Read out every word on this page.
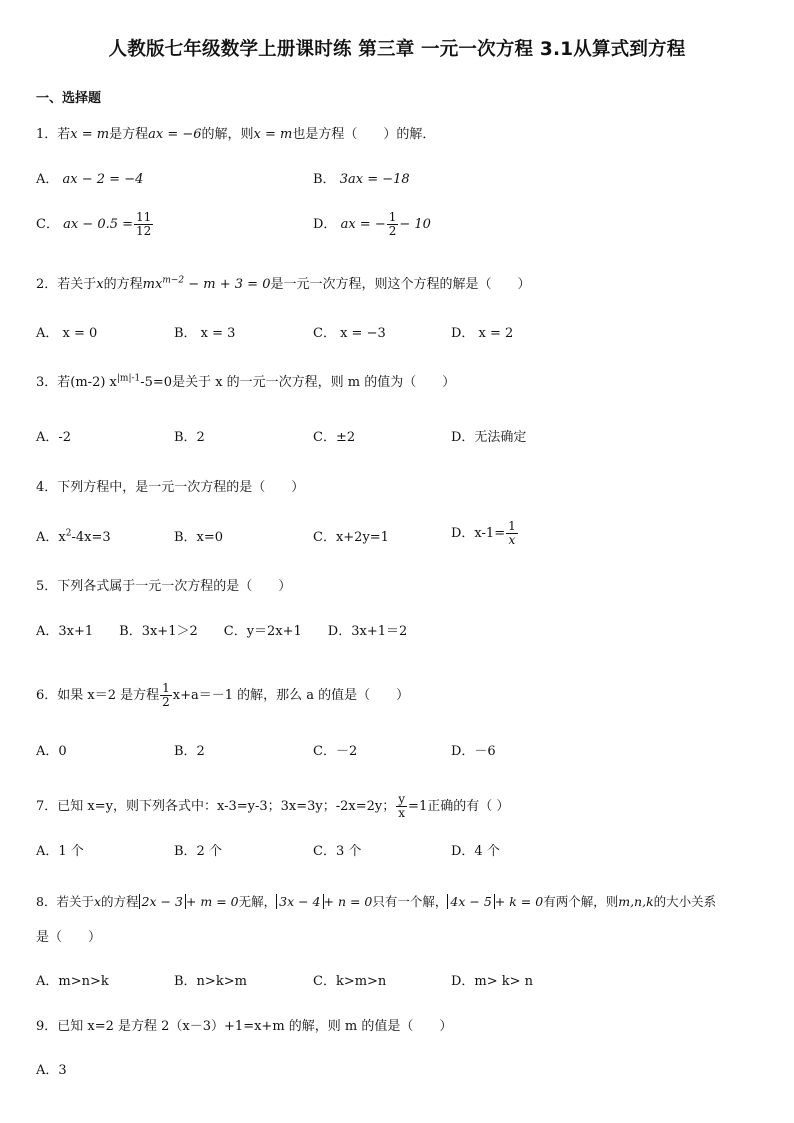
人教版七年级数学上册课时练 第三章 一元一次方程 3.1从算式到方程
一、选择题
1．若x = m是方程ax = −6的解，则x = m也是方程（　　）的解．
A． ax − 2 = −4	B． 3ax = −18
C． ax − $0.5 = \frac{11}{12}$	D． ax = − $\frac{1}{2} - 10$
2．若关于x的方程$mx^{m-2} - m + 3 = 0$是一元一次方程，则这个方程的解是（　　）
A． x = 0	B． x = 3	C． x = −3	D． x = 2
3．若(m-2) $x^{|m|-1}-5=0$是关于 x 的一元一次方程，则 m 的值为（　　）
A．-2	B．2	C．±2	D．无法确定
4．下列方程中，是一元一次方程的是（　　）
A．$x^2-4x=3$	B．x=0	C．x+2y=1	D．$x-1= \frac{1}{x}$
5．下列各式属于一元一次方程的是（　　）
A．3x+1　　B．3x+1＞2　　C．y＝2x+1　　D．3x+1＝2
6．如果 x＝2 是方程 $\frac{1}{2} x+a=-1$ 的解，那么 a 的值是（　　）
A．0	B．2	C．－2	D．－6
7．已知 x=y，则下列各式中：x-3=y-3；3x=3y；-2x=2y； $\frac{y}{x} =1$正确的有（ ）
A．1 个	B．2 个	C．3 个	D．4 个
8．若关于x的方程 2x − 3 + m = 0无解， 3x − 4 + n = 0只有一个解， 4x − 5 + k = 0有两个解，则m,n,k的大小关系
是（　　）
A．m>n>k	B．n>k>m	C．k>m>n	D．m> k> n
9．已知 x=2 是方程 2（x－3）+1=x+m 的解，则 m 的值是（　　）
A．3
